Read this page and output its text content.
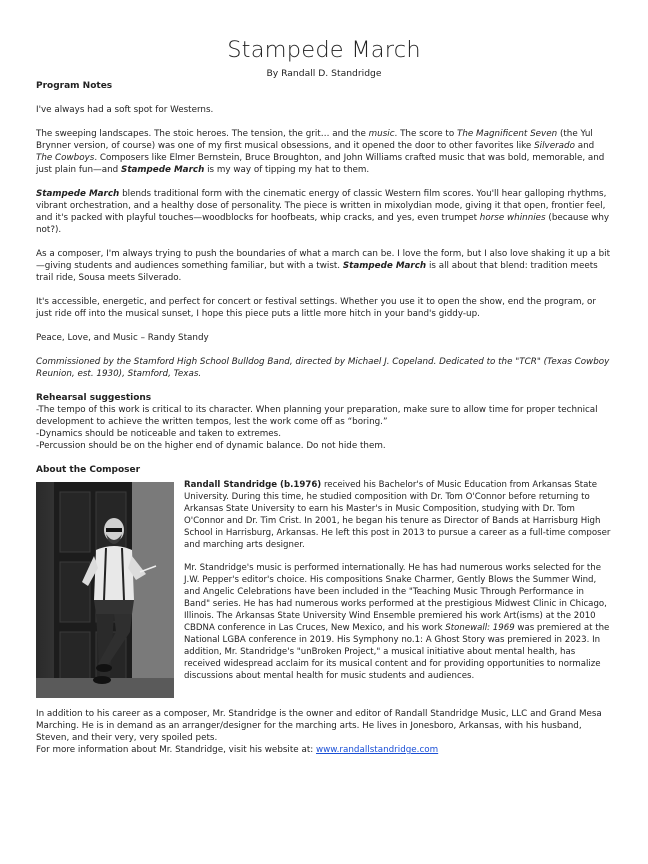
Stampede March
By Randall D. Standridge
Program Notes

I've always had a soft spot for Westerns.

The sweeping landscapes. The stoic heroes. The tension, the grit… and the music. The score to The Magnificent Seven (the Yul Brynner version, of course) was one of my first musical obsessions, and it opened the door to other favorites like Silverado and The Cowboys. Composers like Elmer Bernstein, Bruce Broughton, and John Williams crafted music that was bold, memorable, and just plain fun—and Stampede March is my way of tipping my hat to them.

Stampede March blends traditional form with the cinematic energy of classic Western film scores. You'll hear galloping rhythms, vibrant orchestration, and a healthy dose of personality. The piece is written in mixolydian mode, giving it that open, frontier feel, and it's packed with playful touches—woodblocks for hoofbeats, whip cracks, and yes, even trumpet horse whinnies (because why not?).

As a composer, I'm always trying to push the boundaries of what a march can be. I love the form, but I also love shaking it up a bit—giving students and audiences something familiar, but with a twist. Stampede March is all about that blend: tradition meets trail ride, Sousa meets Silverado.

It's accessible, energetic, and perfect for concert or festival settings. Whether you use it to open the show, end the program, or just ride off into the musical sunset, I hope this piece puts a little more hitch in your band's giddy-up.

Peace, Love, and Music – Randy Standy

Commissioned by the Stamford High School Bulldog Band, directed by Michael J. Copeland. Dedicated to the "TCR" (Texas Cowboy Reunion, est. 1930), Stamford, Texas.

Rehearsal suggestions

-The tempo of this work is critical to its character. When planning your preparation, make sure to allow time for proper technical development to achieve the written tempos, lest the work come off as “boring.”

-Dynamics should be noticeable and taken to extremes.

-Percussion should be on the higher end of dynamic balance. Do not hide them.

About the Composer

Randall Standridge (b.1976) received his Bachelor's of Music Education from Arkansas State University. During this time, he studied composition with Dr. Tom O'Connor before returning to Arkansas State University to earn his Master's in Music Composition, studying with Dr. Tom O'Connor and Dr. Tim Crist. In 2001, he began his tenure as Director of Bands at Harrisburg High School in Harrisburg, Arkansas. He left this post in 2013 to pursue a career as a full-time composer and marching arts designer.

Mr. Standridge's music is performed internationally. He has had numerous works selected for the J.W. Pepper's editor's choice. His compositions Snake Charmer, Gently Blows the Summer Wind, and Angelic Celebrations have been included in the "Teaching Music Through Performance in Band" series. He has had numerous works performed at the prestigious Midwest Clinic in Chicago, Illinois. The Arkansas State University Wind Ensemble premiered his work Art(isms) at the 2010 CBDNA conference in Las Cruces, New Mexico, and his work Stonewall: 1969 was premiered at the National LGBA conference in 2019. His Symphony no.1: A Ghost Story was premiered in 2023. In addition, Mr. Standridge's "unBroken Project," a musical initiative about mental health, has received widespread acclaim for its musical content and for providing opportunities to normalize discussions about mental health for music students and audiences.

In addition to his career as a composer, Mr. Standridge is the owner and editor of Randall Standridge Music, LLC and Grand Mesa Marching. He is in demand as an arranger/designer for the marching arts. He lives in Jonesboro, Arkansas, with his husband, Steven, and their very, very spoiled pets.

For more information about Mr. Standridge, visit his website at: www.randallstandridge.com
